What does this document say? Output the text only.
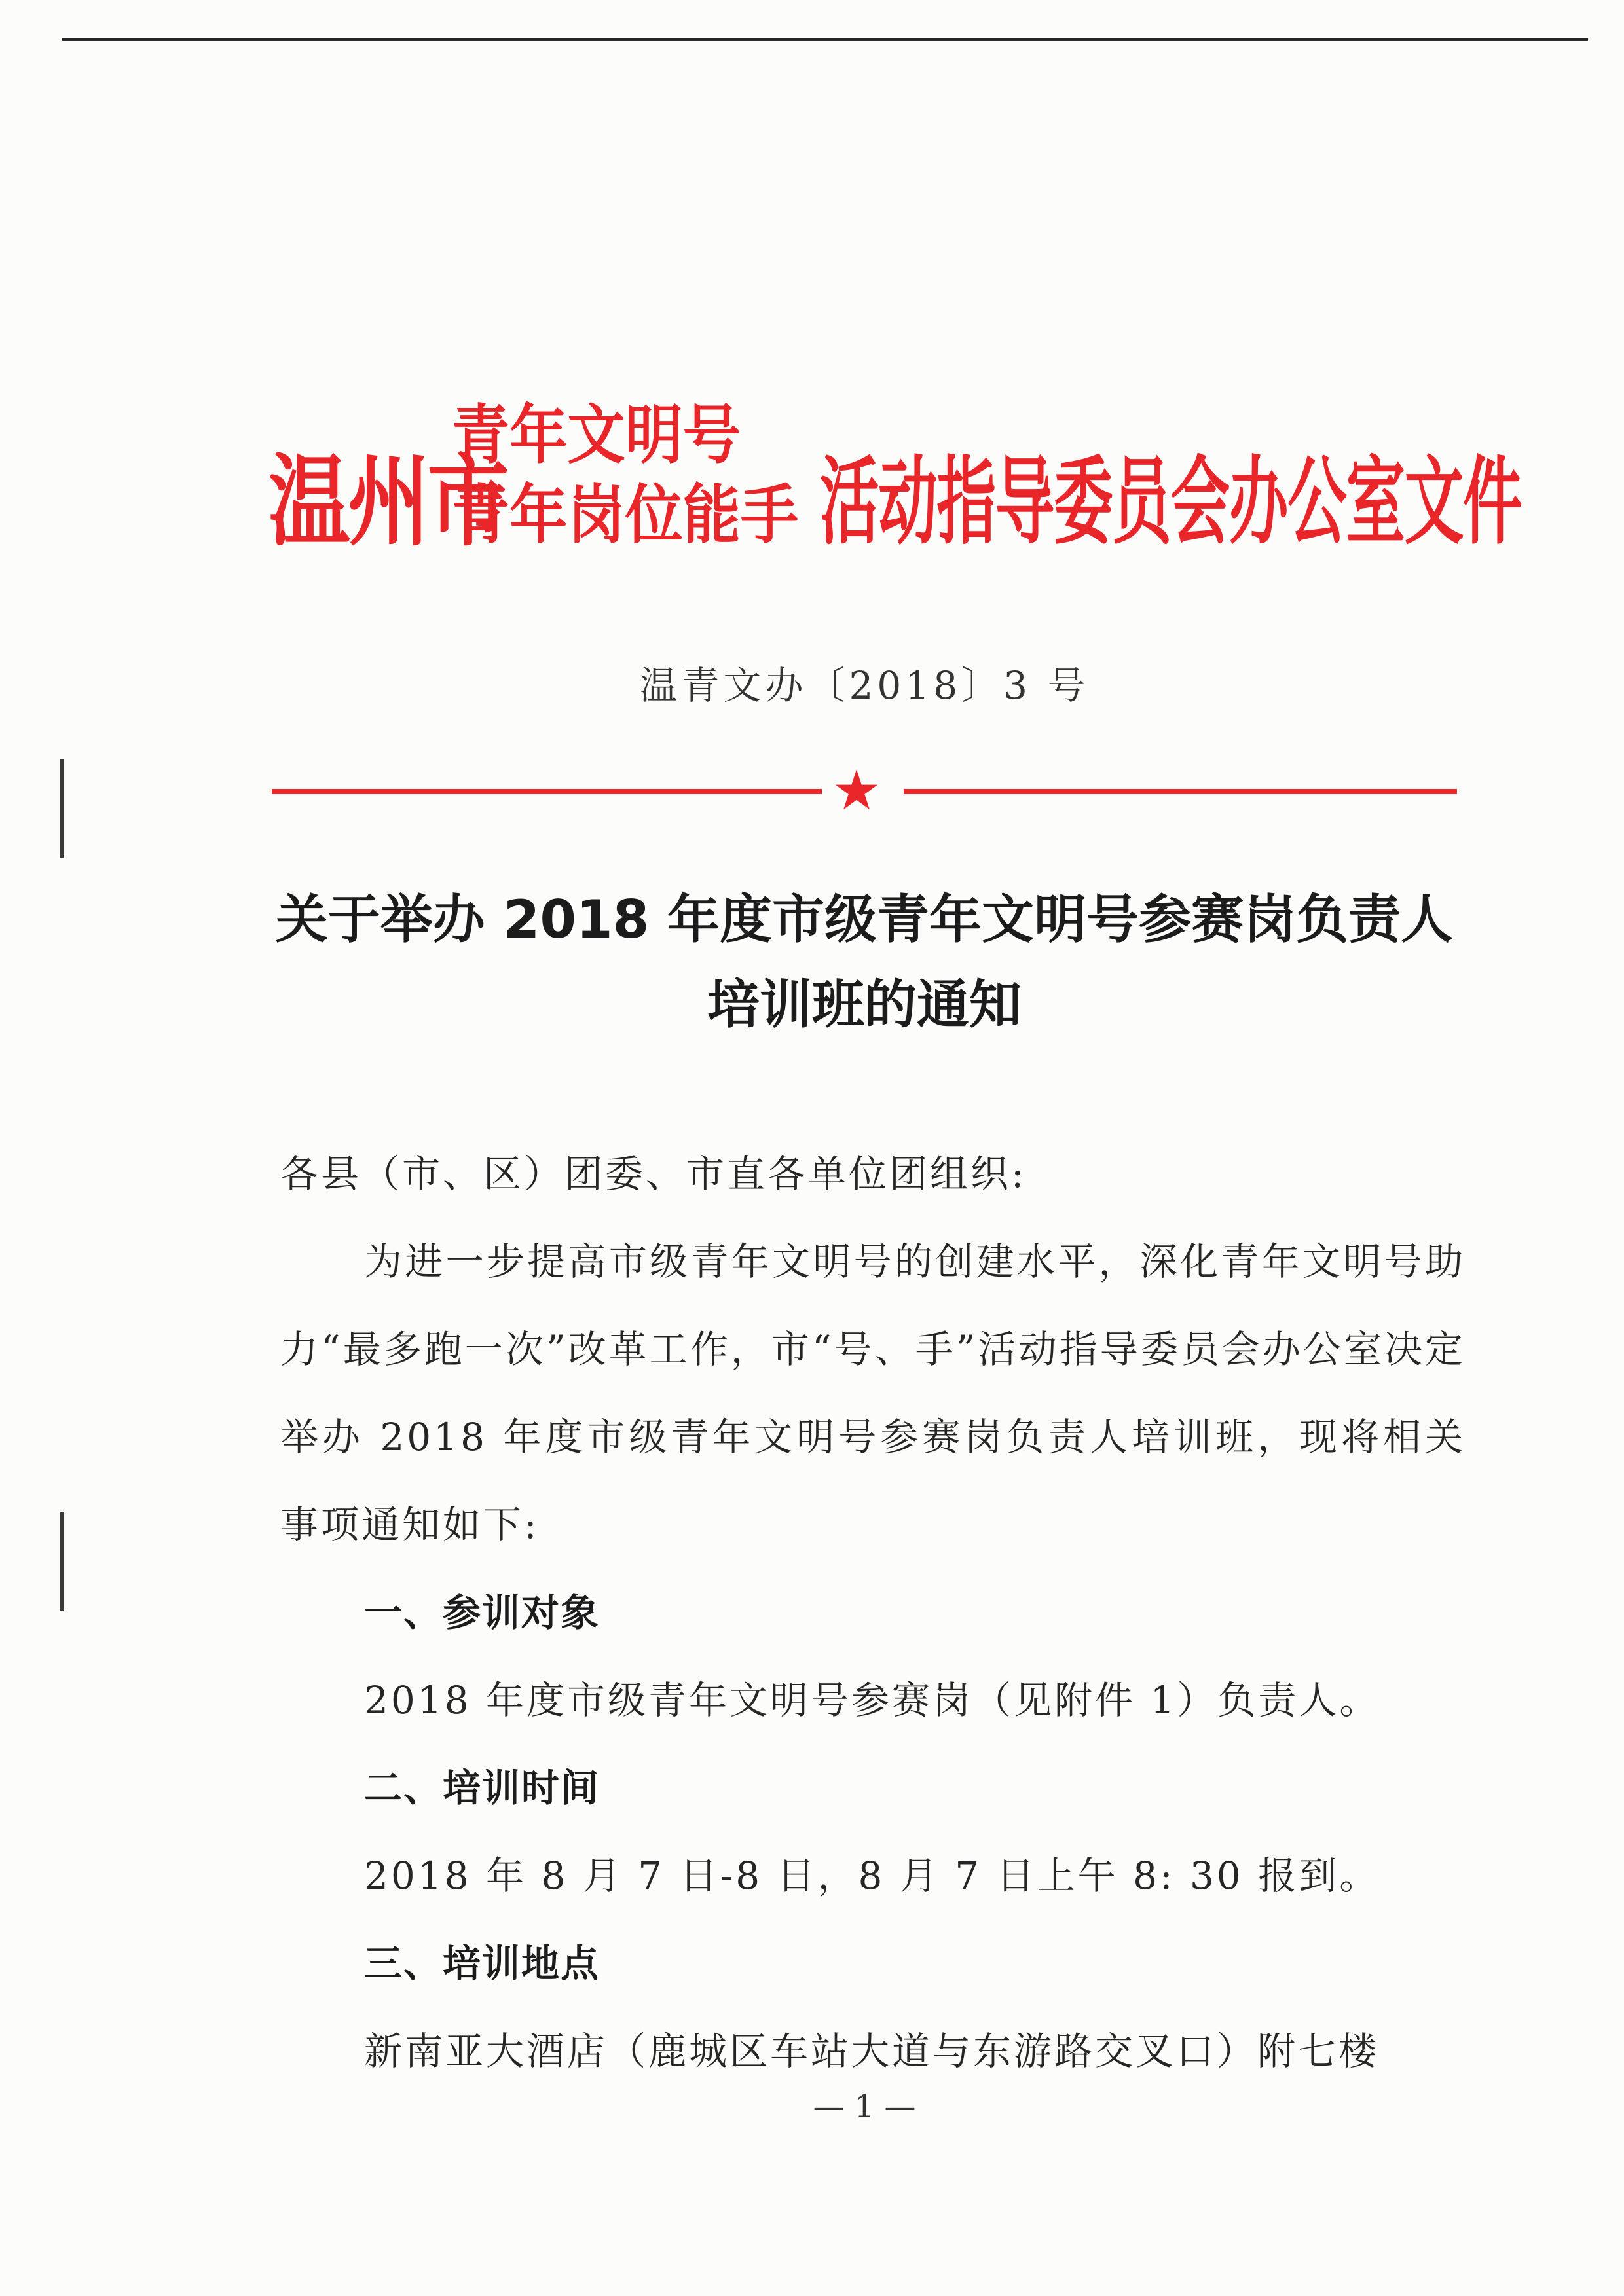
温州市
青年文明号
青年岗位能手 活动指导委员会办公室文件
温青文办〔2018〕3 号
★
关于举办 2018 年度市级青年文明号参赛岗负责人
培训班的通知

各县（市、区）团委、市直各单位团组织:

为进一步提高市级青年文明号的创建水平，深化青年文明号助力“最多跑一次”改革工作，市“号、手”活动指导委员会办公室决定举办 2018 年度市级青年文明号参赛岗负责人培训班，现将相关事项通知如下:

一、参训对象

2018 年度市级青年文明号参赛岗（见附件 1）负责人。

二、培训时间

2018 年 8 月 7 日-8 日，8 月 7 日上午 8: 30 报到。

三、培训地点

新南亚大酒店（鹿城区车站大道与东游路交叉口）附七楼

— 1 —
